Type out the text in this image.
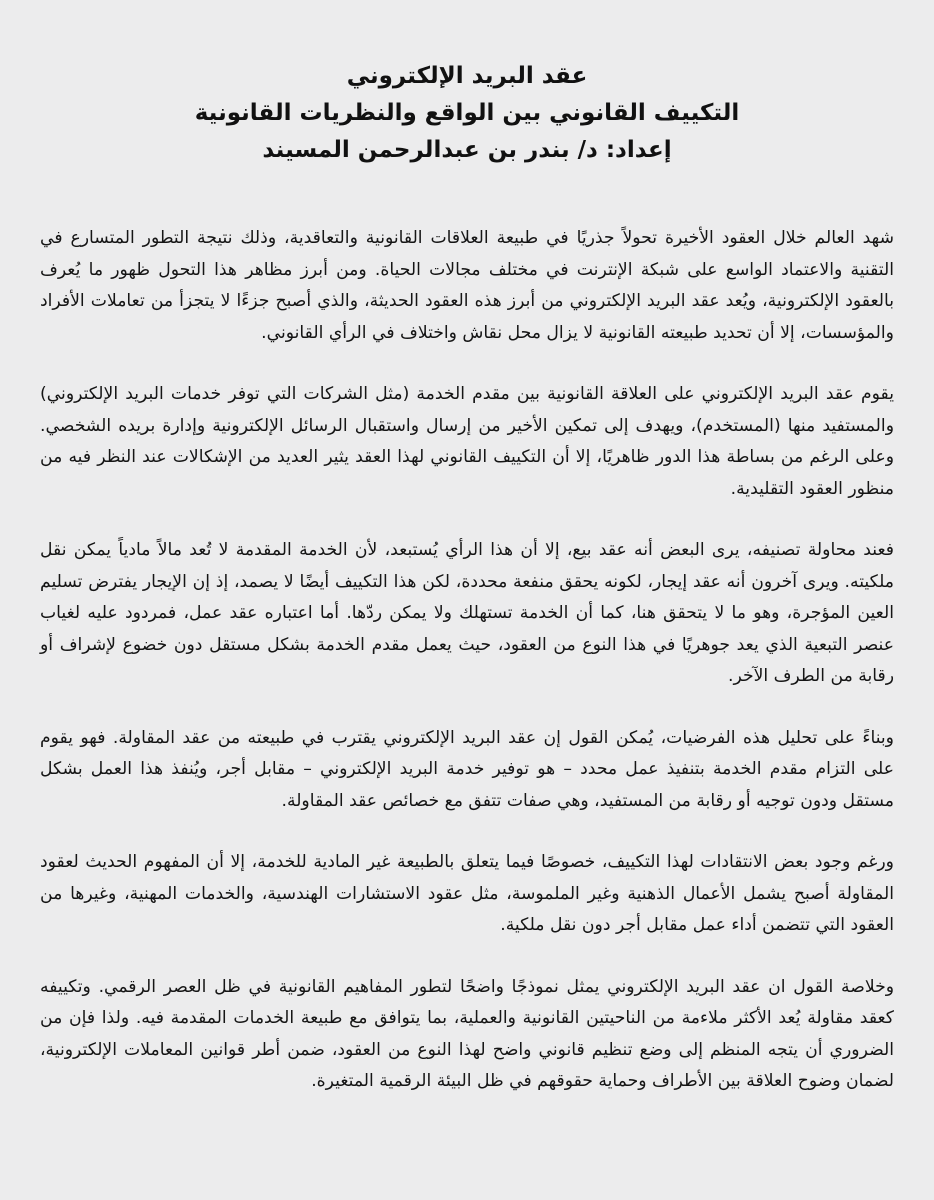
عقد البريد الإلكتروني
التكييف القانوني بين الواقع والنظريات القانونية
إعداد: د/ بندر بن عبدالرحمن المسيند

شهد العالم خلال العقود الأخيرة تحولاً جذريًا في طبيعة العلاقات القانونية والتعاقدية، وذلك نتيجة التطور المتسارع في التقنية والاعتماد الواسع على شبكة الإنترنت في مختلف مجالات الحياة. ومن أبرز مظاهر هذا التحول ظهور ما يُعرف بالعقود الإلكترونية، ويُعد عقد البريد الإلكتروني من أبرز هذه العقود الحديثة، والذي أصبح جزءًا لا يتجزأ من تعاملات الأفراد والمؤسسات، إلا أن تحديد طبيعته القانونية لا يزال محل نقاش واختلاف في الرأي القانوني.

يقوم عقد البريد الإلكتروني على العلاقة القانونية بين مقدم الخدمة (مثل الشركات التي توفر خدمات البريد الإلكتروني) والمستفيد منها (المستخدم)، ويهدف إلى تمكين الأخير من إرسال واستقبال الرسائل الإلكترونية وإدارة بريده الشخصي. وعلى الرغم من بساطة هذا الدور ظاهريًا، إلا أن التكييف القانوني لهذا العقد يثير العديد من الإشكالات عند النظر فيه من منظور العقود التقليدية.

فعند محاولة تصنيفه، يرى البعض أنه عقد بيع، إلا أن هذا الرأي يُستبعد، لأن الخدمة المقدمة لا تُعد مالاً مادياً يمكن نقل ملكيته. ويرى آخرون أنه عقد إيجار، لكونه يحقق منفعة محددة، لكن هذا التكييف أيضًا لا يصمد، إذ إن الإيجار يفترض تسليم العين المؤجرة، وهو ما لا يتحقق هنا، كما أن الخدمة تستهلك ولا يمكن ردّها. أما اعتباره عقد عمل، فمردود عليه لغياب عنصر التبعية الذي يعد جوهريًا في هذا النوع من العقود، حيث يعمل مقدم الخدمة بشكل مستقل دون خضوع لإشراف أو رقابة من الطرف الآخر.

وبناءً على تحليل هذه الفرضيات، يُمكن القول إن عقد البريد الإلكتروني يقترب في طبيعته من عقد المقاولة. فهو يقوم على التزام مقدم الخدمة بتنفيذ عمل محدد – هو توفير خدمة البريد الإلكتروني – مقابل أجر، ويُنفذ هذا العمل بشكل مستقل ودون توجيه أو رقابة من المستفيد، وهي صفات تتفق مع خصائص عقد المقاولة.

ورغم وجود بعض الانتقادات لهذا التكييف، خصوصًا فيما يتعلق بالطبيعة غير المادية للخدمة، إلا أن المفهوم الحديث لعقود المقاولة أصبح يشمل الأعمال الذهنية وغير الملموسة، مثل عقود الاستشارات الهندسية، والخدمات المهنية، وغيرها من العقود التي تتضمن أداء عمل مقابل أجر دون نقل ملكية.

وخلاصة القول ان عقد البريد الإلكتروني يمثل نموذجًا واضحًا لتطور المفاهيم القانونية في ظل العصر الرقمي. وتكييفه كعقد مقاولة يُعد الأكثر ملاءمة من الناحيتين القانونية والعملية، بما يتوافق مع طبيعة الخدمات المقدمة فيه. ولذا فإن من الضروري أن يتجه المنظم إلى وضع تنظيم قانوني واضح لهذا النوع من العقود، ضمن أطر قوانين المعاملات الإلكترونية، لضمان وضوح العلاقة بين الأطراف وحماية حقوقهم في ظل البيئة الرقمية المتغيرة.
